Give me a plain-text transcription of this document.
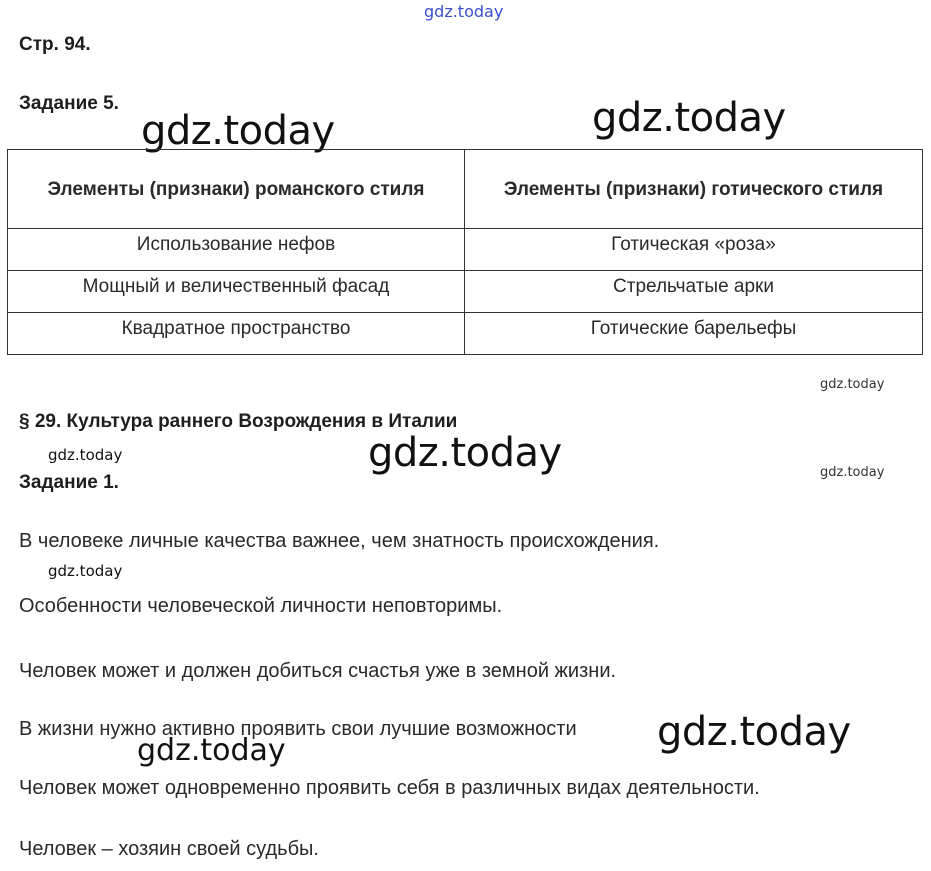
gdz.today
gdz.today	gdz.today
gdz.today
gdz.today	gdz.today	gdz.today
gdz.today
gdz.today
gdz.today
Стр. 94.
Задание 5.
Элементы (признаки) романского стиля	Элементы (признаки) готического стиля
Использование нефов	Готическая «роза»
Мощный и величественный фасад	Стрельчатые арки
Квадратное пространство	Готические барельефы
§ 29. Культура раннего Возрождения в Италии
Задание 1.
В человеке личные качества важнее, чем знатность происхождения.
Особенности человеческой личности неповторимы.
Человек может и должен добиться счастья уже в земной жизни.
В жизни нужно активно проявить свои лучшие возможности
Человек может одновременно проявить себя в различных видах деятельности.
Человек – хозяин своей судьбы.
